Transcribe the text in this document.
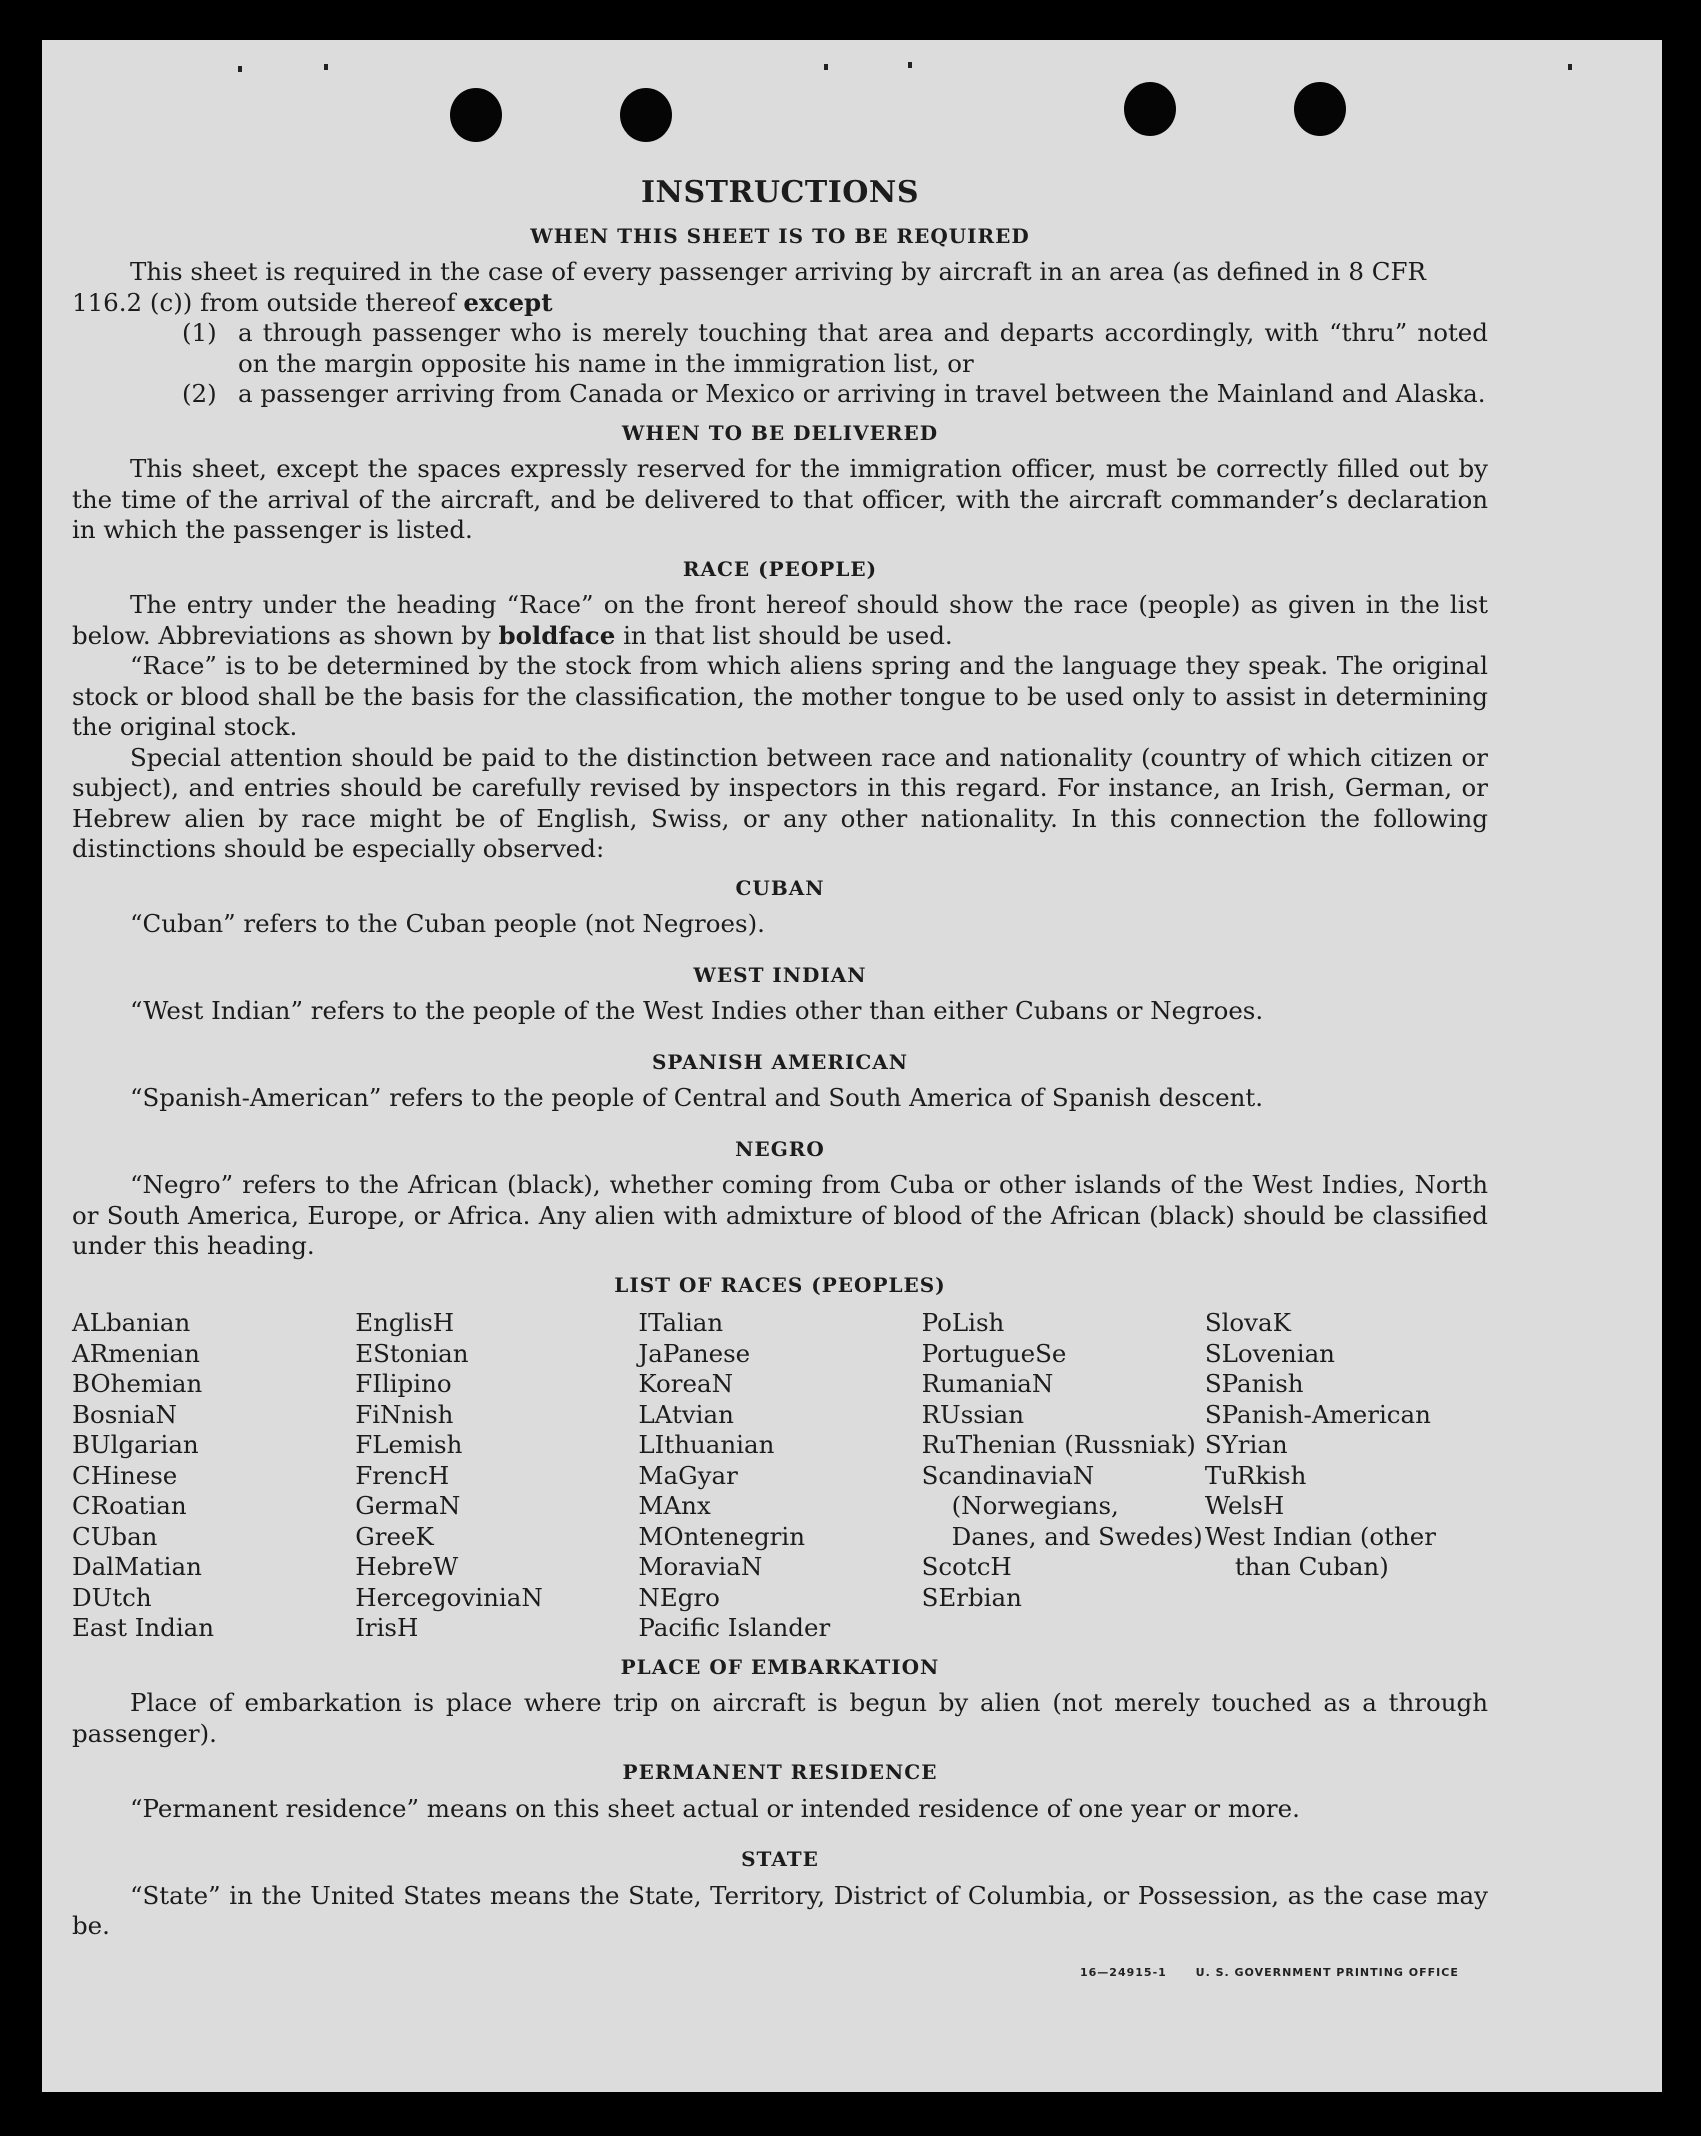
INSTRUCTIONS
WHEN THIS SHEET IS TO BE REQUIRED

This sheet is required in the case of every passenger arriving by aircraft in an area (as defined in 8 CFR

116.2 (c)) from outside thereof except

(1) a through passenger who is merely touching that area and departs accordingly, with “thru” noted on the margin opposite his name in the immigration list, or
(2) a passenger arriving from Canada or Mexico or arriving in travel between the Mainland and Alaska.
WHEN TO BE DELIVERED

This sheet, except the spaces expressly reserved for the immigration officer, must be correctly filled out by the time of the arrival of the aircraft, and be delivered to that officer, with the aircraft commander’s declaration in which the passenger is listed.

RACE (PEOPLE)

The entry under the heading “Race” on the front hereof should show the race (people) as given in the list below. Abbreviations as shown by boldface in that list should be used.

“Race” is to be determined by the stock from which aliens spring and the language they speak. The original stock or blood shall be the basis for the classification, the mother tongue to be used only to assist in determining the original stock.

Special attention should be paid to the distinction between race and nationality (country of which citizen or subject), and entries should be carefully revised by inspectors in this regard. For instance, an Irish, German, or Hebrew alien by race might be of English, Swiss, or any other nationality. In this connection the following distinctions should be especially observed:

CUBAN

“Cuban” refers to the Cuban people (not Negroes).

WEST INDIAN

“West Indian” refers to the people of the West Indies other than either Cubans or Negroes.

SPANISH AMERICAN

“Spanish-American” refers to the people of Central and South America of Spanish descent.

NEGRO

“Negro” refers to the African (black), whether coming from Cuba or other islands of the West Indies, North or South America, Europe, or Africa. Any alien with admixture of blood of the African (black) should be classified under this heading.

LIST OF RACES (PEOPLES)
ALbanian
ARmenian
BOhemian
BosniaN
BUlgarian
CHinese
CRoatian
CUban
DalMatian
DUtch
East Indian
EnglisH
EStonian
FIlipino
FiNnish
FLemish
FrencH
GermaN
GreeK
HebreW
HercegoviniaN
IrisH
ITalian
JaPanese
KoreaN
LAtvian
LIthuanian
MaGyar
MAnx
MOntenegrin
MoraviaN
NEgro
Pacific Islander
PoLish
PortugueSe
RumaniaN
RUssian
RuThenian (Russniak)
ScandinaviaN (Norwegians, Danes, and Swedes)
ScotcH
SErbian
SlovaK
SLovenian
SPanish
SPanish-American
SYrian
TuRkish
WelsH
West Indian (other than Cuban)
PLACE OF EMBARKATION

Place of embarkation is place where trip on aircraft is begun by alien (not merely touched as a through passenger).

PERMANENT RESIDENCE

“Permanent residence” means on this sheet actual or intended residence of one year or more.

STATE

“State” in the United States means the State, Territory, District of Columbia, or Possession, as the case may be.

16—24915-1	U. S. GOVERNMENT PRINTING OFFICE
